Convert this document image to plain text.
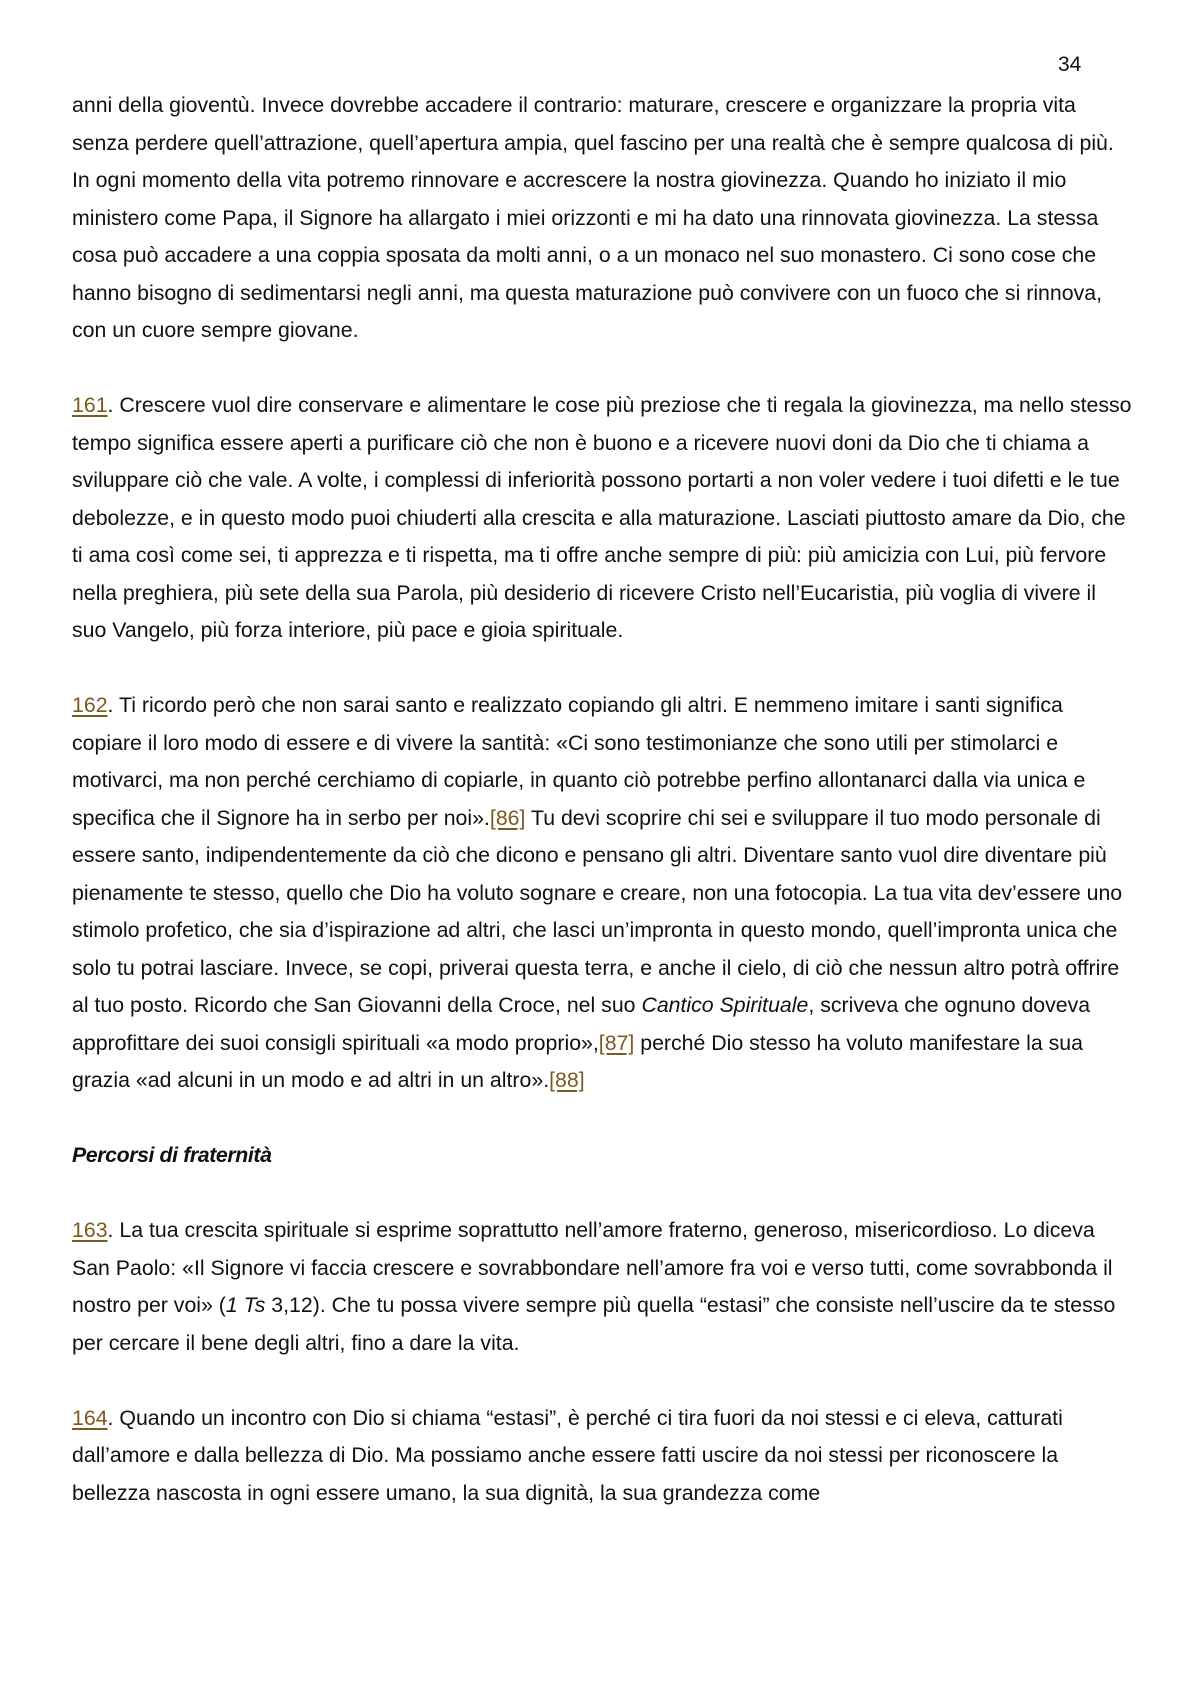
34

anni della gioventù. Invece dovrebbe accadere il contrario: maturare, crescere e organizzare la propria vita senza perdere quell’attrazione, quell’apertura ampia, quel fascino per una realtà che è sempre qualcosa di più. In ogni momento della vita potremo rinnovare e accrescere la nostra giovinezza. Quando ho iniziato il mio ministero come Papa, il Signore ha allargato i miei orizzonti e mi ha dato una rinnovata giovinezza. La stessa cosa può accadere a una coppia sposata da molti anni, o a un monaco nel suo monastero. Ci sono cose che hanno bisogno di sedimentarsi negli anni, ma questa maturazione può convivere con un fuoco che si rinnova, con un cuore sempre giovane.

161. Crescere vuol dire conservare e alimentare le cose più preziose che ti regala la giovinezza, ma nello stesso tempo significa essere aperti a purificare ciò che non è buono e a ricevere nuovi doni da Dio che ti chiama a sviluppare ciò che vale. A volte, i complessi di inferiorità possono portarti a non voler vedere i tuoi difetti e le tue debolezze, e in questo modo puoi chiuderti alla crescita e alla maturazione. Lasciati piuttosto amare da Dio, che ti ama così come sei, ti apprezza e ti rispetta, ma ti offre anche sempre di più: più amicizia con Lui, più fervore nella preghiera, più sete della sua Parola, più desiderio di ricevere Cristo nell’Eucaristia, più voglia di vivere il suo Vangelo, più forza interiore, più pace e gioia spirituale.

162. Ti ricordo però che non sarai santo e realizzato copiando gli altri. E nemmeno imitare i santi significa copiare il loro modo di essere e di vivere la santità: «Ci sono testimonianze che sono utili per stimolarci e motivarci, ma non perché cerchiamo di copiarle, in quanto ciò potrebbe perfino allontanarci dalla via unica e specifica che il Signore ha in serbo per noi».[86] Tu devi scoprire chi sei e sviluppare il tuo modo personale di essere santo, indipendentemente da ciò che dicono e pensano gli altri. Diventare santo vuol dire diventare più pienamente te stesso, quello che Dio ha voluto sognare e creare, non una fotocopia. La tua vita dev’essere uno stimolo profetico, che sia d’ispirazione ad altri, che lasci un’impronta in questo mondo, quell’impronta unica che solo tu potrai lasciare. Invece, se copi, priverai questa terra, e anche il cielo, di ciò che nessun altro potrà offrire al tuo posto. Ricordo che San Giovanni della Croce, nel suo Cantico Spirituale, scriveva che ognuno doveva approfittare dei suoi consigli spirituali «a modo proprio»,[87] perché Dio stesso ha voluto manifestare la sua grazia «ad alcuni in un modo e ad altri in un altro».[88]

Percorsi di fraternità

163. La tua crescita spirituale si esprime soprattutto nell’amore fraterno, generoso, misericordioso. Lo diceva San Paolo: «Il Signore vi faccia crescere e sovrabbondare nell’amore fra voi e verso tutti, come sovrabbonda il nostro per voi» (1 Ts 3,12). Che tu possa vivere sempre più quella “estasi” che consiste nell’uscire da te stesso per cercare il bene degli altri, fino a dare la vita.

164. Quando un incontro con Dio si chiama “estasi”, è perché ci tira fuori da noi stessi e ci eleva, catturati dall’amore e dalla bellezza di Dio. Ma possiamo anche essere fatti uscire da noi stessi per riconoscere la bellezza nascosta in ogni essere umano, la sua dignità, la sua grandezza come
